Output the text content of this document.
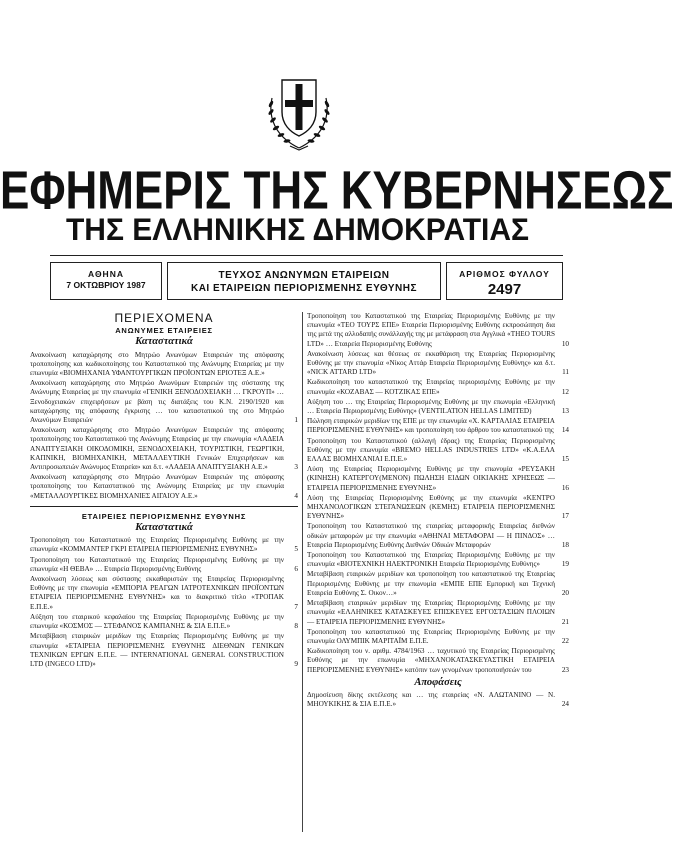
ΕΦΗΜΕΡΙΣ ΤΗΣ ΚΥΒΕΡΝΗΣΕΩΣ
ΤΗΣ ΕΛΛΗΝΙΚΗΣ ΔΗΜΟΚΡΑΤΙΑΣ
ΑΘΗΝΑ
7 ΟΚΤΩΒΡΙΟΥ 1987
ΤΕΥΧΟΣ ΑΝΩΝΥΜΩΝ ΕΤΑΙΡΕΙΩΝ
ΚΑΙ ΕΤΑΙΡΕΙΩΝ ΠΕΡΙΟΡΙΣΜΕΝΗΣ ΕΥΘΥΝΗΣ
ΑΡΙΘΜΟΣ ΦΥΛΛΟΥ
2497
ΠΕΡΙΕΧΟΜΕΝΑ
ΑΝΩΝΥΜΕΣ ΕΤΑΙΡΕΙΕΣ
Καταστατικά
Ανακοίνωση καταχώρησης στο Μητρώο Ανωνύμων Εταιρειών της απόφασης τροποποίησης και κωδικοποίησης του Καταστατικού της Ανώνυμης Εταιρείας με την επωνυμία «ΒΙΟΜΗΧΑΝΙΑ ΥΦΑΝΤΟΥΡΓΙΚΩΝ ΠΡΟΪΟΝΤΩΝ ΕΡΙΟΤΕΞ Α.Ε.»
Ανακοίνωση καταχώρησης στο Μητρώο Ανωνύμων Εταιρειών της σύστασης της Ανώνυμης Εταιρείας με την επωνυμία «ΓΕΝΙΚΗ ΞΕΝΟΔΟΧΕΙΑΚΗ … ΓΚΡΟΥΠ» … Ξενοδοχειακών επιχειρήσεων με βάση τις διατάξεις του Κ.Ν. 2190/1920 και καταχώρησης της απόφασης έγκρισης … του καταστατικού της στο Μητρώο Ανωνύμων Εταιρειών	1
Ανακοίνωση καταχώρησης στο Μητρώο Ανωνύμων Εταιρειών της απόφασης τροποποίησης του Καταστατικού της Ανώνυμης Εταιρείας με την επωνυμία «ΛΑΔΕΙΑ ΑΝΑΠΤΥΞΙΑΚΗ ΟΙΚΟΔΟΜΙΚΗ, ΞΕΝΟΔΟΧΕΙΑΚΗ, ΤΟΥΡΙΣΤΙΚΗ, ΓΕΩΡΓΙΚΗ, ΚΑΠΝΙΚΗ, ΒΙΟΜΗΧΑΝΙΚΗ, ΜΕΤΑΛΛΕΥΤΙΚΗ Γενικών Επιχειρήσεων και Αντιπροσωπειών Ανώνυμος Εταιρεία» και δ.τ. «ΛΑΔΕΙΑ ΑΝΑΠΤΥΞΙΑΚΗ Α.Ε.»	3
Ανακοίνωση καταχώρησης στο Μητρώο Ανωνύμων Εταιρειών της απόφασης τροποποίησης του Καταστατικού της Ανώνυμης Εταιρείας με την επωνυμία «ΜΕΤΑΛΛΟΥΡΓΙΚΕΣ ΒΙΟΜΗΧΑΝΙΕΣ ΑΙΓΑΙΟΥ Α.Ε.»	4
ΕΤΑΙΡΕΙΕΣ ΠΕΡΙΟΡΙΣΜΕΝΗΣ ΕΥΘΥΝΗΣ
Καταστατικά
Τροποποίηση του Καταστατικού της Εταιρείας Περιορισμένης Ευθύνης με την επωνυμία «ΚΟΜΜΑΝΤΕΡ ΓΚΡΙ ΕΤΑΙΡΕΙΑ ΠΕΡΙΟΡΙΣΜΕΝΗΣ ΕΥΘΥΝΗΣ»	5
Τροποποίηση του Καταστατικού της Εταιρείας Περιορισμένης Ευθύνης με την επωνυμία «Η ΘΕΒΑ» … Εταιρεία Περιορισμένης Ευθύνης	6
Ανακοίνωση λύσεως και σύστασης εκκαθαριστών της Εταιρείας Περιορισμένης Ευθύνης με την επωνυμία «ΕΜΠΟΡΙΑ ΡΕΑΓΩΝ ΙΑΤΡΟΤΕΧΝΙΚΩΝ ΠΡΟΪΟΝΤΩΝ ΕΤΑΙΡΕΙΑ ΠΕΡΙΟΡΙΣΜΕΝΗΣ ΕΥΘΥΝΗΣ» και το διακριτικό τίτλο «ΤΡΟΠΑΚ Ε.Π.Ε.»	7
Αύξηση του εταιρικού κεφαλαίου της Εταιρείας Περιορισμένης Ευθύνης με την επωνυμία «ΚΟΣΜΟΣ — ΣΤΕΦΑΝΟΣ ΚΑΜΠΑΝΗΣ & ΣΙΑ Ε.Π.Ε.»	8
Μεταβίβαση εταιρικών μεριδίων της Εταιρείας Περιορισμένης Ευθύνης με την επωνυμία «ΕΤΑΙΡΕΙΑ ΠΕΡΙΟΡΙΣΜΕΝΗΣ ΕΥΘΥΝΗΣ ΔΙΕΘΝΩΝ ΓΕΝΙΚΩΝ ΤΕΧΝΙΚΩΝ ΕΡΓΩΝ Ε.Π.Ε. — INTERNATIONAL GENERAL CONSTRUCTION LTD (INGECO LTD)»	9
Τροποποίηση του Καταστατικού της Εταιρείας Περιορισμένης Ευθύνης με την επωνυμία «ΤΕΟ ΤΟΥΡΣ ΕΠΕ» Εταιρεία Περιορισμένης Ευθύνης εκπροσώπηση δια της μετά της αλλοδαπής συνάλλαγής της με μετάφραση στα Αγγλικά «THEO TOURS LTD» … Εταιρεία Περιορισμένης Ευθύνης	10
Ανακοίνωση λύσεως και θέσεως σε εκκαθάριση της Εταιρείας Περιορισμένης Ευθύνης με την επωνυμία «Νίκος Αττάρ Εταιρεία Περιορισμένης Ευθύνης» και δ.τ. «NICK ATTARD LTD»	11
Κωδικοποίηση του καταστατικού της Εταιρείας περιορισμένης Ευθύνης με την επωνυμία «ΚΟΖΑΒΑΣ — ΚΟΤΖΙΚΑΣ ΕΠΕ»	12
Αύξηση του … της Εταιρείας Περιορισμένης Ευθύνης με την επωνυμία «Ελληνική … Εταιρεία Περιορισμένης Ευθύνης» (VENTILATION HELLAS LIMITED)	13
Πώληση εταιρικών μεριδίων της ΕΠΕ με την επωνυμία «Χ. ΚΑΡΤΑΛΙΑΣ ΕΤΑΙΡΕΙΑ ΠΕΡΙΟΡΙΣΜΕΝΗΣ ΕΥΘΥΝΗΣ» και τροποποίηση του άρθρου του καταστατικού της 14
Τροποποίηση του Καταστατικού (αλλαγή έδρας) της Εταιρείας Περιορισμένης Ευθύνης με την επωνυμία «BREMO HELLAS INDUSTRIES LTD» «Κ.Α.ΕΛΑ ΕΛΛΑΣ ΒΙΟΜΗΧΑΝΙΑΙ Ε.Π.Ε.»	15
Λύση της Εταιρείας Περιορισμένης Ευθύνης με την επωνυμία «ΡΕΥΣΑΚΗ (ΚΙΝΗΣΗ) ΚΑΤΕΡΓΟΥ(ΜΕΝΟΝ) ΠΩΛΗΣΗ ΕΙΔΩΝ ΟΙΚΙΑΚΗΣ ΧΡΗΣΕΩΣ — ΕΤΑΙΡΕΙΑ ΠΕΡΙΟΡΙΣΜΕΝΗΣ ΕΥΘΥΝΗΣ»	16
Λύση της Εταιρείας Περιορισμένης Ευθύνης με την επωνυμία «ΚΕΝΤΡΟ ΜΗΧΑΝΟΛΟΓΙΚΩΝ ΣΤΕΓΑΝΩΣΕΩΝ (ΚΕΜΗΣ) ΕΤΑΙΡΕΙΑ ΠΕΡΙΟΡΙΣΜΕΝΗΣ ΕΥΘΥΝΗΣ»	17
Τροποποίηση του Καταστατικού της εταιρείας μεταφορικής Εταιρείας διεθνών οδικών μεταφορών με την επωνυμία «ΑΘΗΝΑΙ ΜΕΤΑΦΟΡΑΙ — Η ΠΙΝΔΟΣ» … Εταιρεία Περιορισμένης Ευθύνης Διεθνών Οδικών Μεταφορών	18
Τροποποίηση του Καταστατικού της Εταιρείας Περιορισμένης Ευθύνης με την επωνυμία «ΒΙΟΤΕΧΝΙΚΗ ΗΛΕΚΤΡΟΝΙΚΗ Εταιρεία Περιορισμένης Ευθύνης»	19
Μεταβίβαση εταιρικών μεριδίων και τροποποίηση του καταστατικού της Εταιρείας Περιορισμένης Ευθύνης με την επωνυμία «ΕΜΠΕ ΕΠΕ Εμπορική και Τεχνική Εταιρεία Ευθύνης Σ. Οικον…»	20
Μεταβίβαση εταιρικών μεριδίων της Εταιρείας Περιορισμένης Ευθύνης με την επωνυμία «ΕΛΛΗΝΙΚΕΣ ΚΑΤΑΣΚΕΥΕΣ ΕΠΙΣΚΕΥΕΣ ΕΡΓΟΣΤΑΣΙΩΝ ΠΛΟΙΩΝ — ΕΤΑΙΡΕΙΑ ΠΕΡΙΟΡΙΣΜΕΝΗΣ ΕΥΘΥΝΗΣ»	21
Τροποποίηση του καταστατικού της Εταιρείας Περιορισμένης Ευθύνης με την επωνυμία ΟΛΥΜΠΙΚ ΜΑΡΙΤΑΪΜ Ε.Π.Ε.	22
Κωδικοποίηση του ν. αριθμ. 4784/1963 … ταχυτικού της Εταιρείας Περιορισμένης Ευθύνης με την επωνυμία «ΜΗΧΑΝΟΚΑΤΑΣΚΕΥΑΣΤΙΚΗ ΕΤΑΙΡΕΙΑ ΠΕΡΙΟΡΙΣΜΕΝΗΣ ΕΥΘΥΝΗΣ» κατόπιν των γενομένων τροποποιήσεών του	23
Αποφάσεις
Δημοσίευση δίκης εκτέλεσης και … της εταιρείας «Ν. ΑΛΩΤΑΝΙΝΟ — Ν. ΜΗΟΥΚΙΚΗΣ & ΣΙΑ Ε.Π.Ε.»	24
